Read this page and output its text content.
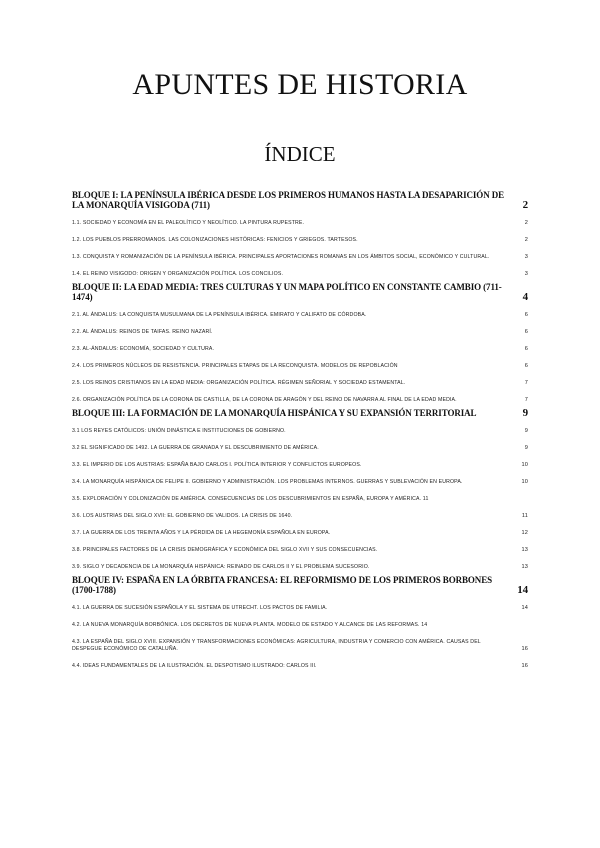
APUNTES DE HISTORIA
ÍNDICE
BLOQUE I: LA PENÍNSULA IBÉRICA DESDE LOS PRIMEROS HUMANOS HASTA LA DESAPARICIÓN DE LA MONARQUÍA VISIGODA (711)	2
1.1. SOCIEDAD Y ECONOMÍA EN EL PALEOLÍTICO Y NEOLÍTICO. LA PINTURA RUPESTRE.	2
1.2. LOS PUEBLOS PRERROMANOS. LAS COLONIZACIONES HISTÓRICAS: FENICIOS Y GRIEGOS. TARTESOS.	2
1.3. CONQUISTA Y ROMANIZACIÓN DE LA PENÍNSULA IBÉRICA. PRINCIPALES APORTACIONES ROMANAS EN LOS ÁMBITOS SOCIAL, ECONÓMICO Y CULTURAL.	3
1.4. EL REINO VISIGODO: ORIGEN Y ORGANIZACIÓN POLÍTICA. LOS CONCILIOS.	3
BLOQUE II: LA EDAD MEDIA: TRES CULTURAS Y UN MAPA POLÍTICO EN CONSTANTE CAMBIO (711-1474)	4
2.1. AL ÁNDALUS: LA CONQUISTA MUSULMANA DE LA PENÍNSULA IBÉRICA. EMIRATO Y CALIFATO DE CÓRDOBA.	6
2.2. AL ÁNDALUS: REINOS DE TAIFAS. REINO NAZARÍ.	6
2.3. AL-ÁNDALUS: ECONOMÍA, SOCIEDAD Y CULTURA.	6
2.4. LOS PRIMEROS NÚCLEOS DE RESISTENCIA. PRINCIPALES ETAPAS DE LA RECONQUISTA. MODELOS DE REPOBLACIÓN	6
2.5. LOS REINOS CRISTIANOS EN LA EDAD MEDIA: ORGANIZACIÓN POLÍTICA. RÉGIMEN SEÑORIAL Y SOCIEDAD ESTAMENTAL.	7
2.6. ORGANIZACIÓN POLÍTICA DE LA CORONA DE CASTILLA, DE LA CORONA DE ARAGÓN Y DEL REINO DE NAVARRA AL FINAL DE LA EDAD MEDIA.	7
BLOQUE III: LA FORMACIÓN DE LA MONARQUÍA HISPÁNICA Y SU EXPANSIÓN TERRITORIAL	9
3.1 LOS REYES CATÓLICOS: UNIÓN DINÁSTICA E INSTITUCIONES DE GOBIERNO.	9
3.2 EL SIGNIFICADO DE 1492. LA GUERRA DE GRANADA Y EL DESCUBRIMIENTO DE AMÉRICA.	9
3.3. EL IMPERIO DE LOS AUSTRIAS: ESPAÑA BAJO CARLOS I. POLÍTICA INTERIOR Y CONFLICTOS EUROPEOS.	10
3.4. LA MONARQUÍA HISPÁNICA DE FELIPE II. GOBIERNO Y ADMINISTRACIÓN. LOS PROBLEMAS INTERNOS. GUERRAS Y SUBLEVACIÓN EN EUROPA.	10
3.5. EXPLORACIÓN Y COLONIZACIÓN DE AMÉRICA. CONSECUENCIAS DE LOS DESCUBRIMIENTOS EN ESPAÑA, EUROPA Y AMÉRICA. 11
3.6. LOS AUSTRIAS DEL SIGLO XVII: EL GOBIERNO DE VALIDOS. LA CRISIS DE 1640.	11
3.7. LA GUERRA DE LOS TREINTA AÑOS Y LA PÉRDIDA DE LA HEGEMONÍA ESPAÑOLA EN EUROPA.	12
3.8. PRINCIPALES FACTORES DE LA CRISIS DEMOGRÁFICA Y ECONÓMICA DEL SIGLO XVII Y SUS CONSECUENCIAS.	13
3.9. SIGLO Y DECADENCIA DE LA MONARQUÍA HISPÁNICA: REINADO DE CARLOS II Y EL PROBLEMA SUCESORIO.	13
BLOQUE IV: ESPAÑA EN LA ÓRBITA FRANCESA: EL REFORMISMO DE LOS PRIMEROS BORBONES (1700-1788)	14
4.1. LA GUERRA DE SUCESIÓN ESPAÑOLA Y EL SISTEMA DE UTRECHT. LOS PACTOS DE FAMILIA.	14
4.2. LA NUEVA MONARQUÍA BORBÓNICA. LOS DECRETOS DE NUEVA PLANTA. MODELO DE ESTADO Y ALCANCE DE LAS REFORMAS. 14
4.3. LA ESPAÑA DEL SIGLO XVIII. EXPANSIÓN Y TRANSFORMACIONES ECONÓMICAS: AGRICULTURA, INDUSTRIA Y COMERCIO CON AMÉRICA. CAUSAS DEL DESPEGUE ECONÓMICO DE CATALUÑA.	16
4.4. IDEAS FUNDAMENTALES DE LA ILUSTRACIÓN. EL DESPOTISMO ILUSTRADO: CARLOS III.	16
